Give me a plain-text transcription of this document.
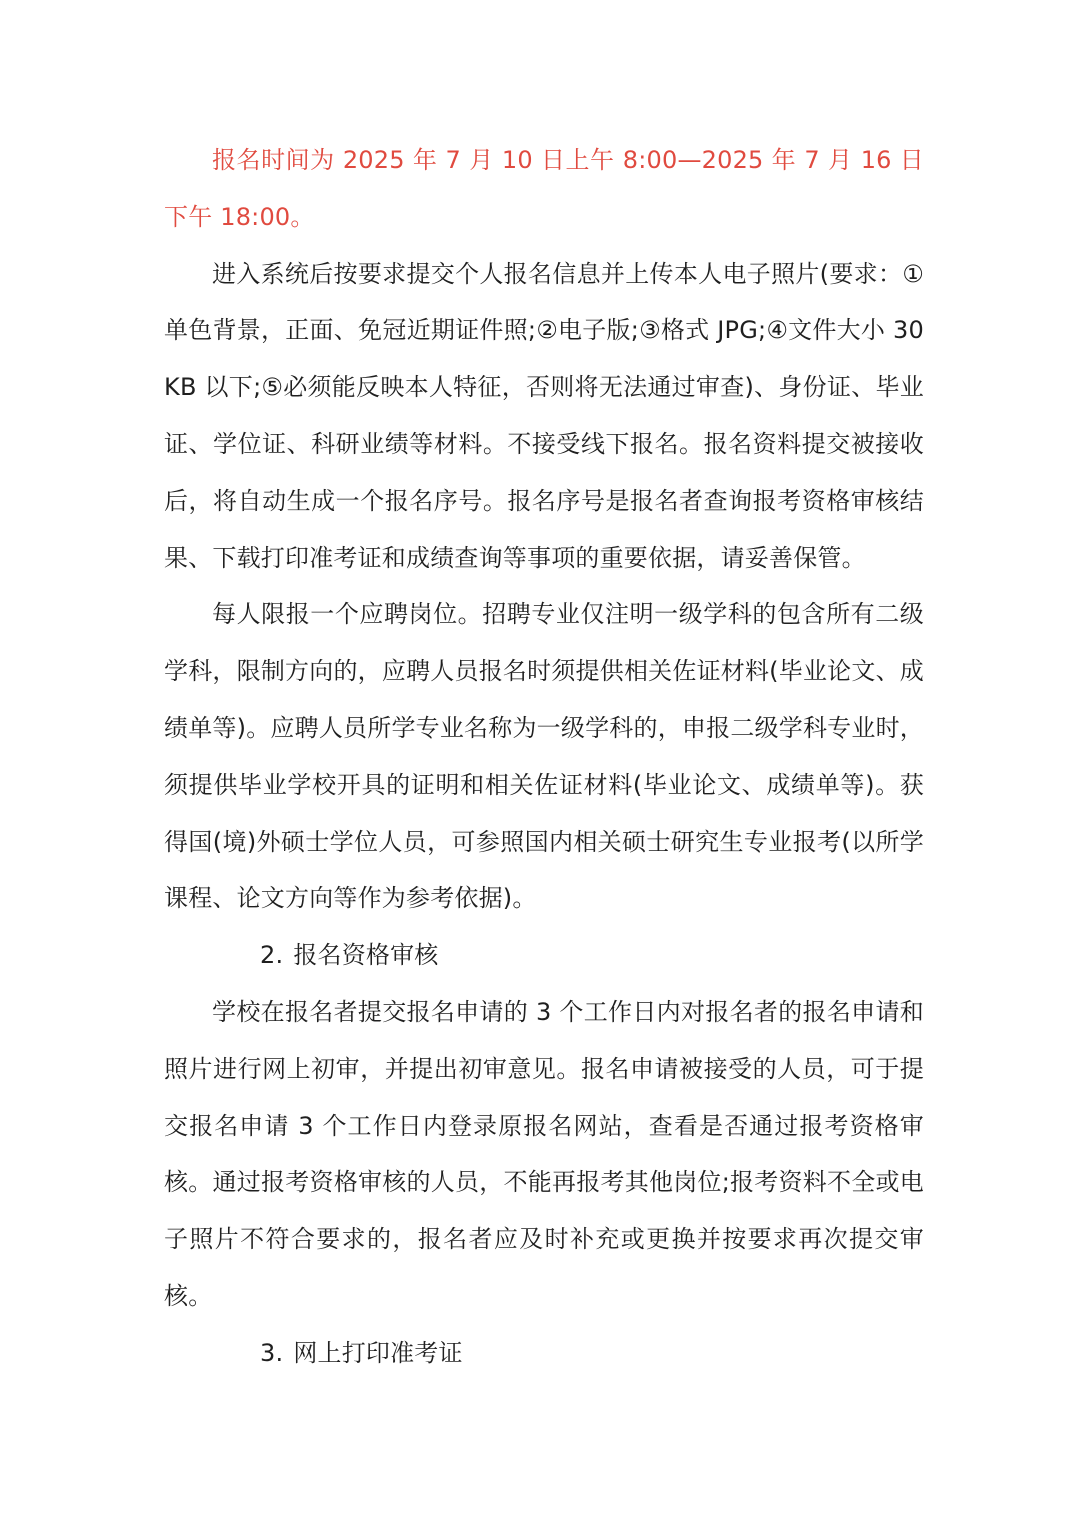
报名时间为 2025 年 7 月 10 日上午 8:00—2025 年 7 月 16 日下午 18:00。

进入系统后按要求提交个人报名信息并上传本人电子照片(要求：①单色背景，正面、免冠近期证件照;②电子版;③格式 JPG;④文件大小 30KB 以下;⑤必须能反映本人特征，否则将无法通过审查)、身份证、毕业证、学位证、科研业绩等材料。不接受线下报名。报名资料提交被接收后，将自动生成一个报名序号。报名序号是报名者查询报考资格审核结果、下载打印准考证和成绩查询等事项的重要依据，请妥善保管。

每人限报一个应聘岗位。招聘专业仅注明一级学科的包含所有二级学科，限制方向的，应聘人员报名时须提供相关佐证材料(毕业论文、成绩单等)。应聘人员所学专业名称为一级学科的，申报二级学科专业时，须提供毕业学校开具的证明和相关佐证材料(毕业论文、成绩单等)。获得国(境)外硕士学位人员，可参照国内相关硕士研究生专业报考(以所学课程、论文方向等作为参考依据)。

2. 报名资格审核

学校在报名者提交报名申请的 3 个工作日内对报名者的报名申请和照片进行网上初审，并提出初审意见。报名申请被接受的人员，可于提交报名申请 3 个工作日内登录原报名网站，查看是否通过报考资格审核。通过报考资格审核的人员，不能再报考其他岗位;报考资料不全或电子照片不符合要求的，报名者应及时补充或更换并按要求再次提交审核。

3. 网上打印准考证
